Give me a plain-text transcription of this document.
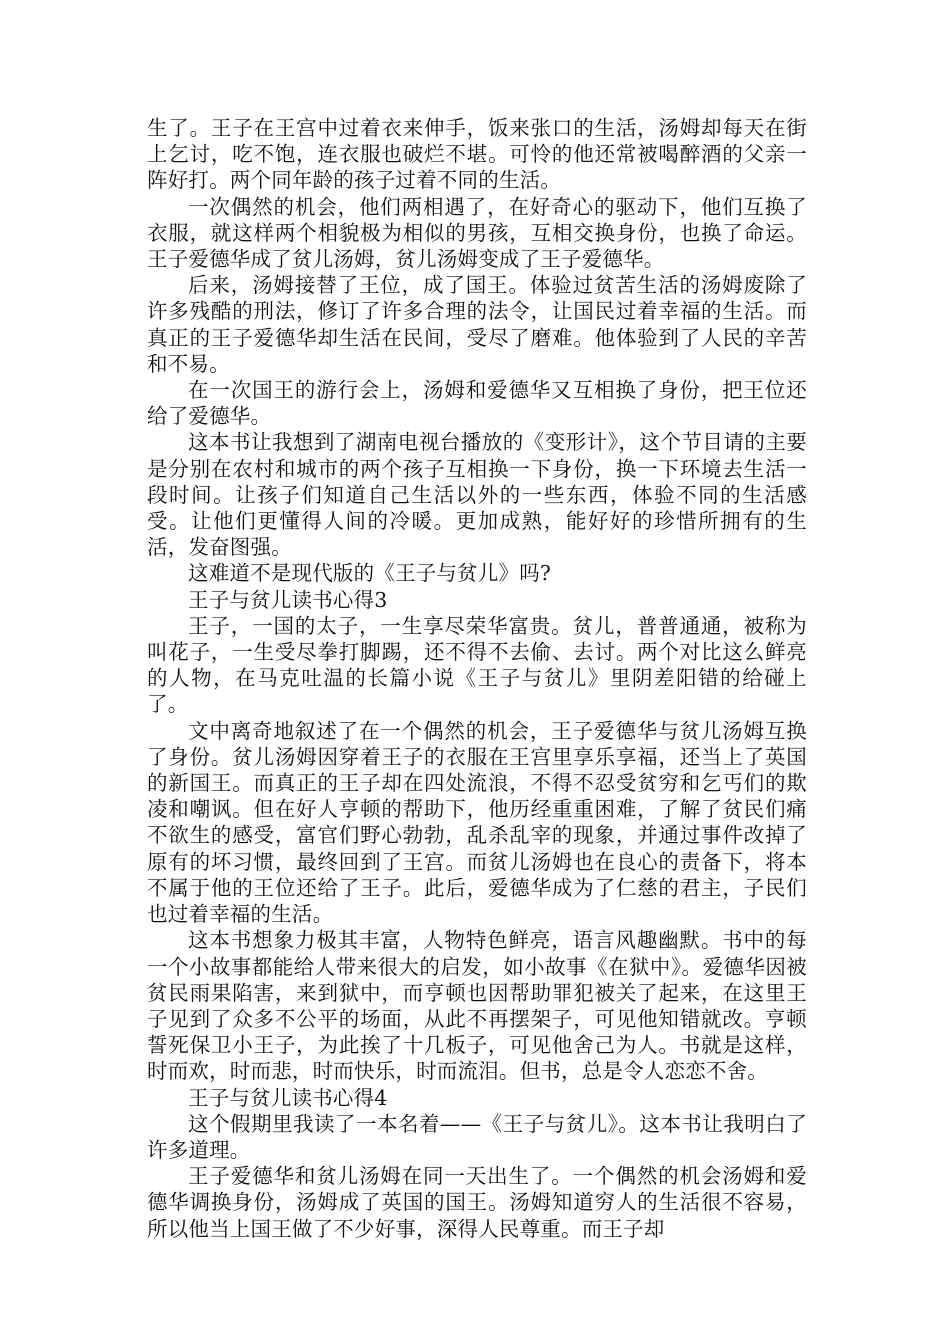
生了。王子在王宫中过着衣来伸手，饭来张口的生活，汤姆却每天在街上乞讨，吃不饱，连衣服也破烂不堪。可怜的他还常被喝醉酒的父亲一阵好打。两个同年龄的孩子过着不同的生活。

一次偶然的机会，他们两相遇了，在好奇心的驱动下，他们互换了衣服，就这样两个相貌极为相似的男孩，互相交换身份，也换了命运。王子爱德华成了贫儿汤姆，贫儿汤姆变成了王子爱德华。

后来，汤姆接替了王位，成了国王。体验过贫苦生活的汤姆废除了许多残酷的刑法，修订了许多合理的法令，让国民过着幸福的生活。而真正的王子爱德华却生活在民间，受尽了磨难。他体验到了人民的辛苦和不易。

在一次国王的游行会上，汤姆和爱德华又互相换了身份，把王位还给了爱德华。

这本书让我想到了湖南电视台播放的《变形计》，这个节目请的主要是分别在农村和城市的两个孩子互相换一下身份，换一下环境去生活一段时间。让孩子们知道自己生活以外的一些东西，体验不同的生活感受。让他们更懂得人间的冷暖。更加成熟，能好好的珍惜所拥有的生活，发奋图强。

这难道不是现代版的《王子与贫儿》吗?

王子与贫儿读书心得3

王子，一国的太子，一生享尽荣华富贵。贫儿，普普通通，被称为叫花子，一生受尽拳打脚踢，还不得不去偷、去讨。两个对比这么鲜亮的人物，在马克吐温的长篇小说《王子与贫儿》里阴差阳错的给碰上了。

文中离奇地叙述了在一个偶然的机会，王子爱德华与贫儿汤姆互换了身份。贫儿汤姆因穿着王子的衣服在王宫里享乐享福，还当上了英国的新国王。而真正的王子却在四处流浪，不得不忍受贫穷和乞丐们的欺凌和嘲讽。但在好人亨顿的帮助下，他历经重重困难，了解了贫民们痛不欲生的感受，富官们野心勃勃，乱杀乱宰的现象，并通过事件改掉了原有的坏习惯，最终回到了王宫。而贫儿汤姆也在良心的责备下，将本不属于他的王位还给了王子。此后，爱德华成为了仁慈的君主，子民们也过着幸福的生活。

这本书想象力极其丰富，人物特色鲜亮，语言风趣幽默。书中的每一个小故事都能给人带来很大的启发，如小故事《在狱中》。爱德华因被贫民雨果陷害，来到狱中，而亨顿也因帮助罪犯被关了起来，在这里王子见到了众多不公平的场面，从此不再摆架子，可见他知错就改。亨顿誓死保卫小王子，为此挨了十几板子，可见他舍己为人。书就是这样，时而欢，时而悲，时而快乐，时而流泪。但书，总是令人恋恋不舍。

王子与贫儿读书心得4

这个假期里我读了一本名着——《王子与贫儿》。这本书让我明白了许多道理。

王子爱德华和贫儿汤姆在同一天出生了。一个偶然的机会汤姆和爱德华调换身份，汤姆成了英国的国王。汤姆知道穷人的生活很不容易，所以他当上国王做了不少好事，深得人民尊重。而王子却
